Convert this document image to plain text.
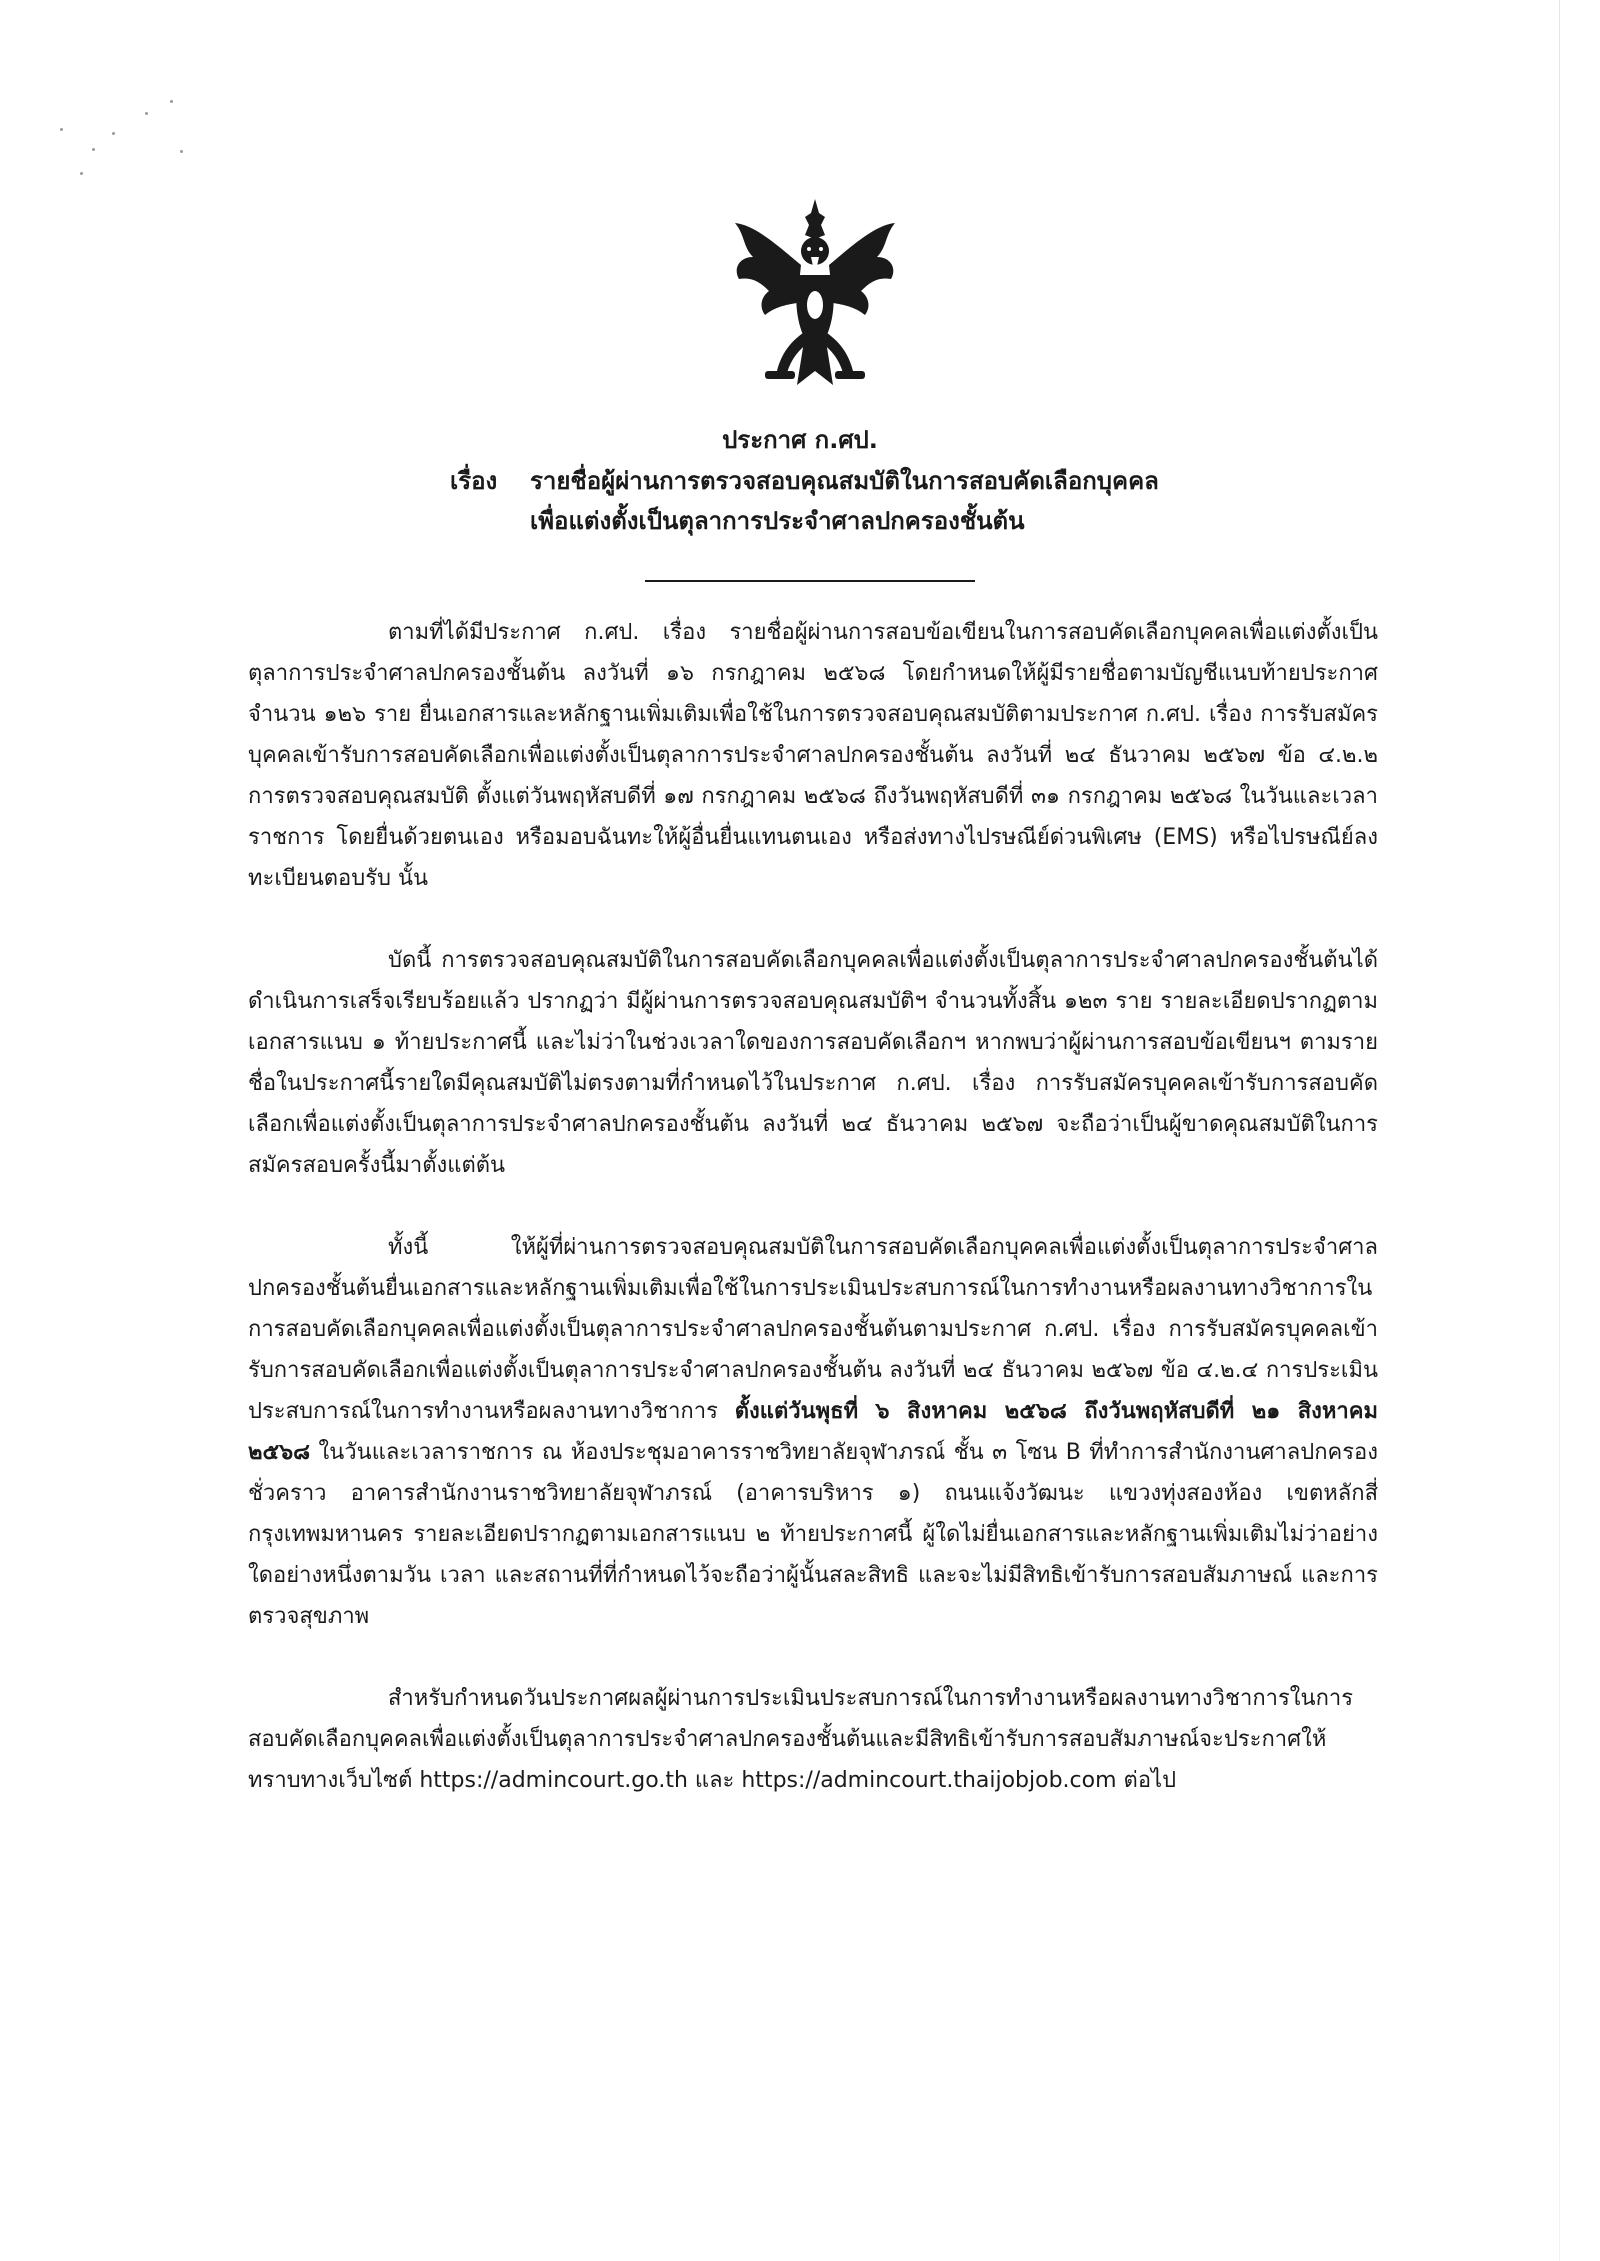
ประกาศ ก.ศป.
เรื่อง รายชื่อผู้ผ่านการตรวจสอบคุณสมบัติในการสอบคัดเลือกบุคคล
เพื่อแต่งตั้งเป็นตุลาการประจำศาลปกครองชั้นต้น

ตามที่ได้มีประกาศ ก.ศป. เรื่อง รายชื่อผู้ผ่านการสอบข้อเขียนในการสอบคัดเลือกบุคคลเพื่อแต่งตั้งเป็นตุลาการประจำศาลปกครองชั้นต้น ลงวันที่ ๑๖ กรกฎาคม ๒๕๖๘ โดยกำหนดให้ผู้มีรายชื่อตามบัญชีแนบท้ายประกาศ จำนวน ๑๒๖ ราย ยื่นเอกสารและหลักฐานเพิ่มเติมเพื่อใช้ในการตรวจสอบคุณสมบัติตามประกาศ ก.ศป. เรื่อง การรับสมัครบุคคลเข้ารับการสอบคัดเลือกเพื่อแต่งตั้งเป็นตุลาการประจำศาลปกครองชั้นต้น ลงวันที่ ๒๔ ธันวาคม ๒๕๖๗ ข้อ ๔.๒.๒ การตรวจสอบคุณสมบัติ ตั้งแต่วันพฤหัสบดีที่ ๑๗ กรกฎาคม ๒๕๖๘ ถึงวันพฤหัสบดีที่ ๓๑ กรกฎาคม ๒๕๖๘ ในวันและเวลาราชการ โดยยื่นด้วยตนเอง หรือมอบฉันทะให้ผู้อื่นยื่นแทนตนเอง หรือส่งทางไปรษณีย์ด่วนพิเศษ (EMS) หรือไปรษณีย์ลงทะเบียนตอบรับ นั้น

บัดนี้ การตรวจสอบคุณสมบัติในการสอบคัดเลือกบุคคลเพื่อแต่งตั้งเป็นตุลาการประจำศาลปกครองชั้นต้นได้ดำเนินการเสร็จเรียบร้อยแล้ว ปรากฏว่า มีผู้ผ่านการตรวจสอบคุณสมบัติฯ จำนวนทั้งสิ้น ๑๒๓ ราย รายละเอียดปรากฏตามเอกสารแนบ ๑ ท้ายประกาศนี้ และไม่ว่าในช่วงเวลาใดของการสอบคัดเลือกฯ หากพบว่าผู้ผ่านการสอบข้อเขียนฯ ตามรายชื่อในประกาศนี้รายใดมีคุณสมบัติไม่ตรงตามที่กำหนดไว้ในประกาศ ก.ศป. เรื่อง การรับสมัครบุคคลเข้ารับการสอบคัดเลือกเพื่อแต่งตั้งเป็นตุลาการประจำศาลปกครองชั้นต้น ลงวันที่ ๒๔ ธันวาคม ๒๕๖๗ จะถือว่าเป็นผู้ขาดคุณสมบัติในการสมัครสอบครั้งนี้มาตั้งแต่ต้น

ทั้งนี้ ให้ผู้ที่ผ่านการตรวจสอบคุณสมบัติในการสอบคัดเลือกบุคคลเพื่อแต่งตั้งเป็นตุลาการประจำศาลปกครองชั้นต้นยื่นเอกสารและหลักฐานเพิ่มเติมเพื่อใช้ในการประเมินประสบการณ์ในการทำงานหรือผลงานทางวิชาการในการสอบคัดเลือกบุคคลเพื่อแต่งตั้งเป็นตุลาการประจำศาลปกครองชั้นต้นตามประกาศ ก.ศป. เรื่อง การรับสมัครบุคคลเข้ารับการสอบคัดเลือกเพื่อแต่งตั้งเป็นตุลาการประจำศาลปกครองชั้นต้น ลงวันที่ ๒๔ ธันวาคม ๒๕๖๗ ข้อ ๔.๒.๔ การประเมินประสบการณ์ในการทำงานหรือผลงานทางวิชาการ ตั้งแต่วันพุธที่ ๖ สิงหาคม ๒๕๖๘ ถึงวันพฤหัสบดีที่ ๒๑ สิงหาคม ๒๕๖๘ ในวันและเวลาราชการ ณ ห้องประชุมอาคารราชวิทยาลัยจุฬาภรณ์ ชั้น ๓ โซน B ที่ทำการสำนักงานศาลปกครองชั่วคราว อาคารสำนักงานราชวิทยาลัยจุฬาภรณ์ (อาคารบริหาร ๑) ถนนแจ้งวัฒนะ แขวงทุ่งสองห้อง เขตหลักสี่ กรุงเทพมหานคร รายละเอียดปรากฏตามเอกสารแนบ ๒ ท้ายประกาศนี้ ผู้ใดไม่ยื่นเอกสารและหลักฐานเพิ่มเติมไม่ว่าอย่างใดอย่างหนึ่งตามวัน เวลา และสถานที่ที่กำหนดไว้จะถือว่าผู้นั้นสละสิทธิ และจะไม่มีสิทธิเข้ารับการสอบสัมภาษณ์ และการตรวจสุขภาพ

สำหรับกำหนดวันประกาศผลผู้ผ่านการประเมินประสบการณ์ในการทำงานหรือผลงานทางวิชาการในการสอบคัดเลือกบุคคลเพื่อแต่งตั้งเป็นตุลาการประจำศาลปกครองชั้นต้นและมีสิทธิเข้ารับการสอบสัมภาษณ์จะประกาศให้ทราบทางเว็บไซต์ https://admincourt.go.th และ https://admincourt.thaijobjob.com ต่อไป
